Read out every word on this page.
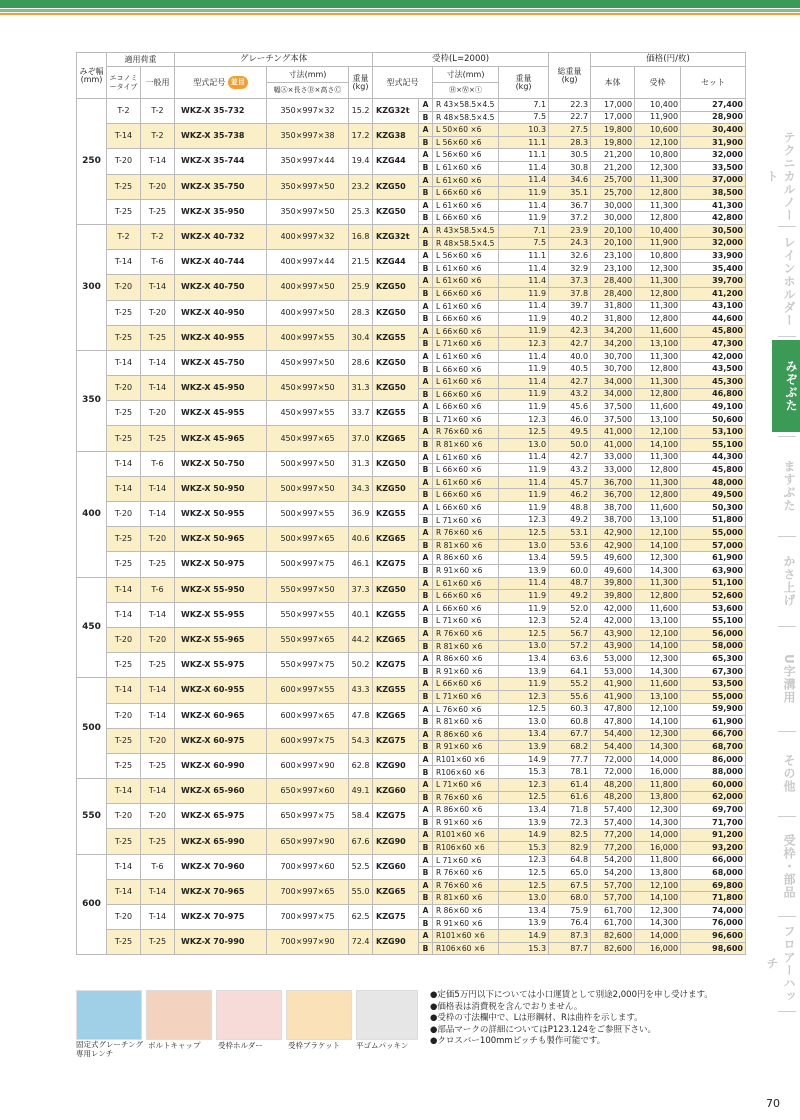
みぞ幅
(mm)	適用荷重		グレーチング本体			受枠(L=2000)				総重量
(kg)	価格(円/枚)		
	エコノミータイプ	一般用	型式記号 並目	寸法(mm)	重量
(kg)	型式記号		寸法(mm)	重量
(kg)		本体	受枠	セット
				幅Ⓐ×長さⒷ×高さⒸ				Ⓗ×Ⓦ×ⓣ					
250	T-2	T-2	WKZ-X 35-732	350×997×32	15.2	KZG32t	A	R 43×58.5×4.5	7.1	22.3	17,000	10,400	27,400
							B	R 48×58.5×4.5	7.5	22.7	17,000	11,900	28,900
	T-14	T-2	WKZ-X 35-738	350×997×38	17.2	KZG38	A	L 50×60 ×6	10.3	27.5	19,800	10,600	30,400
							B	L 56×60 ×6	11.1	28.3	19,800	12,100	31,900
	T-20	T-14	WKZ-X 35-744	350×997×44	19.4	KZG44	A	L 56×60 ×6	11.1	30.5	21,200	10,800	32,000
							B	L 61×60 ×6	11.4	30.8	21,200	12,300	33,500
	T-25	T-20	WKZ-X 35-750	350×997×50	23.2	KZG50	A	L 61×60 ×6	11.4	34.6	25,700	11,300	37,000
							B	L 66×60 ×6	11.9	35.1	25,700	12,800	38,500
	T-25	T-25	WKZ-X 35-950	350×997×50	25.3	KZG50	A	L 61×60 ×6	11.4	36.7	30,000	11,300	41,300
							B	L 66×60 ×6	11.9	37.2	30,000	12,800	42,800
300	T-2	T-2	WKZ-X 40-732	400×997×32	16.8	KZG32t	A	R 43×58.5×4.5	7.1	23.9	20,100	10,400	30,500
							B	R 48×58.5×4.5	7.5	24.3	20,100	11,900	32,000
	T-14	T-6	WKZ-X 40-744	400×997×44	21.5	KZG44	A	L 56×60 ×6	11.1	32.6	23,100	10,800	33,900
							B	L 61×60 ×6	11.4	32.9	23,100	12,300	35,400
	T-20	T-14	WKZ-X 40-750	400×997×50	25.9	KZG50	A	L 61×60 ×6	11.4	37.3	28,400	11,300	39,700
							B	L 66×60 ×6	11.9	37.8	28,400	12,800	41,200
	T-25	T-20	WKZ-X 40-950	400×997×50	28.3	KZG50	A	L 61×60 ×6	11.4	39.7	31,800	11,300	43,100
							B	L 66×60 ×6	11.9	40.2	31,800	12,800	44,600
	T-25	T-25	WKZ-X 40-955	400×997×55	30.4	KZG55	A	L 66×60 ×6	11.9	42.3	34,200	11,600	45,800
							B	L 71×60 ×6	12.3	42.7	34,200	13,100	47,300
350	T-14	T-14	WKZ-X 45-750	450×997×50	28.6	KZG50	A	L 61×60 ×6	11.4	40.0	30,700	11,300	42,000
							B	L 66×60 ×6	11.9	40.5	30,700	12,800	43,500
	T-20	T-14	WKZ-X 45-950	450×997×50	31.3	KZG50	A	L 61×60 ×6	11.4	42.7	34,000	11,300	45,300
							B	L 66×60 ×6	11.9	43.2	34,000	12,800	46,800
	T-25	T-20	WKZ-X 45-955	450×997×55	33.7	KZG55	A	L 66×60 ×6	11.9	45.6	37,500	11,600	49,100
							B	L 71×60 ×6	12.3	46.0	37,500	13,100	50,600
	T-25	T-25	WKZ-X 45-965	450×997×65	37.0	KZG65	A	R 76×60 ×6	12.5	49.5	41,000	12,100	53,100
							B	R 81×60 ×6	13.0	50.0	41,000	14,100	55,100
400	T-14	T-6	WKZ-X 50-750	500×997×50	31.3	KZG50	A	L 61×60 ×6	11.4	42.7	33,000	11,300	44,300
							B	L 66×60 ×6	11.9	43.2	33,000	12,800	45,800
	T-14	T-14	WKZ-X 50-950	500×997×50	34.3	KZG50	A	L 61×60 ×6	11.4	45.7	36,700	11,300	48,000
							B	L 66×60 ×6	11.9	46.2	36,700	12,800	49,500
	T-20	T-14	WKZ-X 50-955	500×997×55	36.9	KZG55	A	L 66×60 ×6	11.9	48.8	38,700	11,600	50,300
							B	L 71×60 ×6	12.3	49.2	38,700	13,100	51,800
	T-25	T-20	WKZ-X 50-965	500×997×65	40.6	KZG65	A	R 76×60 ×6	12.5	53.1	42,900	12,100	55,000
							B	R 81×60 ×6	13.0	53.6	42,900	14,100	57,000
	T-25	T-25	WKZ-X 50-975	500×997×75	46.1	KZG75	A	R 86×60 ×6	13.4	59.5	49,600	12,300	61,900
							B	R 91×60 ×6	13.9	60.0	49,600	14,300	63,900
450	T-14	T-6	WKZ-X 55-950	550×997×50	37.3	KZG50	A	L 61×60 ×6	11.4	48.7	39,800	11,300	51,100
							B	L 66×60 ×6	11.9	49.2	39,800	12,800	52,600
	T-14	T-14	WKZ-X 55-955	550×997×55	40.1	KZG55	A	L 66×60 ×6	11.9	52.0	42,000	11,600	53,600
							B	L 71×60 ×6	12.3	52.4	42,000	13,100	55,100
	T-20	T-20	WKZ-X 55-965	550×997×65	44.2	KZG65	A	R 76×60 ×6	12.5	56.7	43,900	12,100	56,000
							B	R 81×60 ×6	13.0	57.2	43,900	14,100	58,000
	T-25	T-25	WKZ-X 55-975	550×997×75	50.2	KZG75	A	R 86×60 ×6	13.4	63.6	53,000	12,300	65,300
							B	R 91×60 ×6	13.9	64.1	53,000	14,300	67,300
500	T-14	T-14	WKZ-X 60-955	600×997×55	43.3	KZG55	A	L 66×60 ×6	11.9	55.2	41,900	11,600	53,500
							B	L 71×60 ×6	12.3	55.6	41,900	13,100	55,000
	T-20	T-14	WKZ-X 60-965	600×997×65	47.8	KZG65	A	L 76×60 ×6	12.5	60.3	47,800	12,100	59,900
							B	R 81×60 ×6	13.0	60.8	47,800	14,100	61,900
	T-25	T-20	WKZ-X 60-975	600×997×75	54.3	KZG75	A	R 86×60 ×6	13.4	67.7	54,400	12,300	66,700
							B	R 91×60 ×6	13.9	68.2	54,400	14,300	68,700
	T-25	T-25	WKZ-X 60-990	600×997×90	62.8	KZG90	A	R101×60 ×6	14.9	77.7	72,000	14,000	86,000
							B	R106×60 ×6	15.3	78.1	72,000	16,000	88,000
550	T-14	T-14	WKZ-X 65-960	650×997×60	49.1	KZG60	A	L 71×60 ×6	12.3	61.4	48,200	11,800	60,000
							B	R 76×60 ×6	12.5	61.6	48,200	13,800	62,000
	T-20	T-20	WKZ-X 65-975	650×997×75	58.4	KZG75	A	R 86×60 ×6	13.4	71.8	57,400	12,300	69,700
							B	R 91×60 ×6	13.9	72.3	57,400	14,300	71,700
	T-25	T-25	WKZ-X 65-990	650×997×90	67.6	KZG90	A	R101×60 ×6	14.9	82.5	77,200	14,000	91,200
							B	R106×60 ×6	15.3	82.9	77,200	16,000	93,200
600	T-14	T-6	WKZ-X 70-960	700×997×60	52.5	KZG60	A	L 71×60 ×6	12.3	64.8	54,200	11,800	66,000
							B	R 76×60 ×6	12.5	65.0	54,200	13,800	68,000
	T-14	T-14	WKZ-X 70-965	700×997×65	55.0	KZG65	A	R 76×60 ×6	12.5	67.5	57,700	12,100	69,800
							B	R 81×60 ×6	13.0	68.0	57,700	14,100	71,800
	T-20	T-14	WKZ-X 70-975	700×997×75	62.5	KZG75	A	R 86×60 ×6	13.4	75.9	61,700	12,300	74,000
							B	R 91×60 ×6	13.9	76.4	61,700	14,300	76,000
	T-25	T-25	WKZ-X 70-990	700×997×90	72.4	KZG90	A	R101×60 ×6	14.9	87.3	82,600	14,000	96,600
							B	R106×60 ×6	15.3	87.7	82,600	16,000	98,600
テクニカルノート
レインホルダー
みぞぶた
ますぶた
かさ上げ
U字溝用
その他
受枠・部品
フロアーハッチ
固定式グレーチング
専用レンチ
ボルトキャップ 受枠ホルダー	受枠ブラケット 平ゴムパッキン
●定価5万円以下については小口運賃として別途2,000円を申し受けます。
●価格表は消費税を含んでおりません。
●受枠の寸法欄中で、Lは形鋼材、Rは曲杵を示します。
●部品マークの詳細についてはP123.124をご参照下さい。
●クロスバー100mmピッチも製作可能です。
70
